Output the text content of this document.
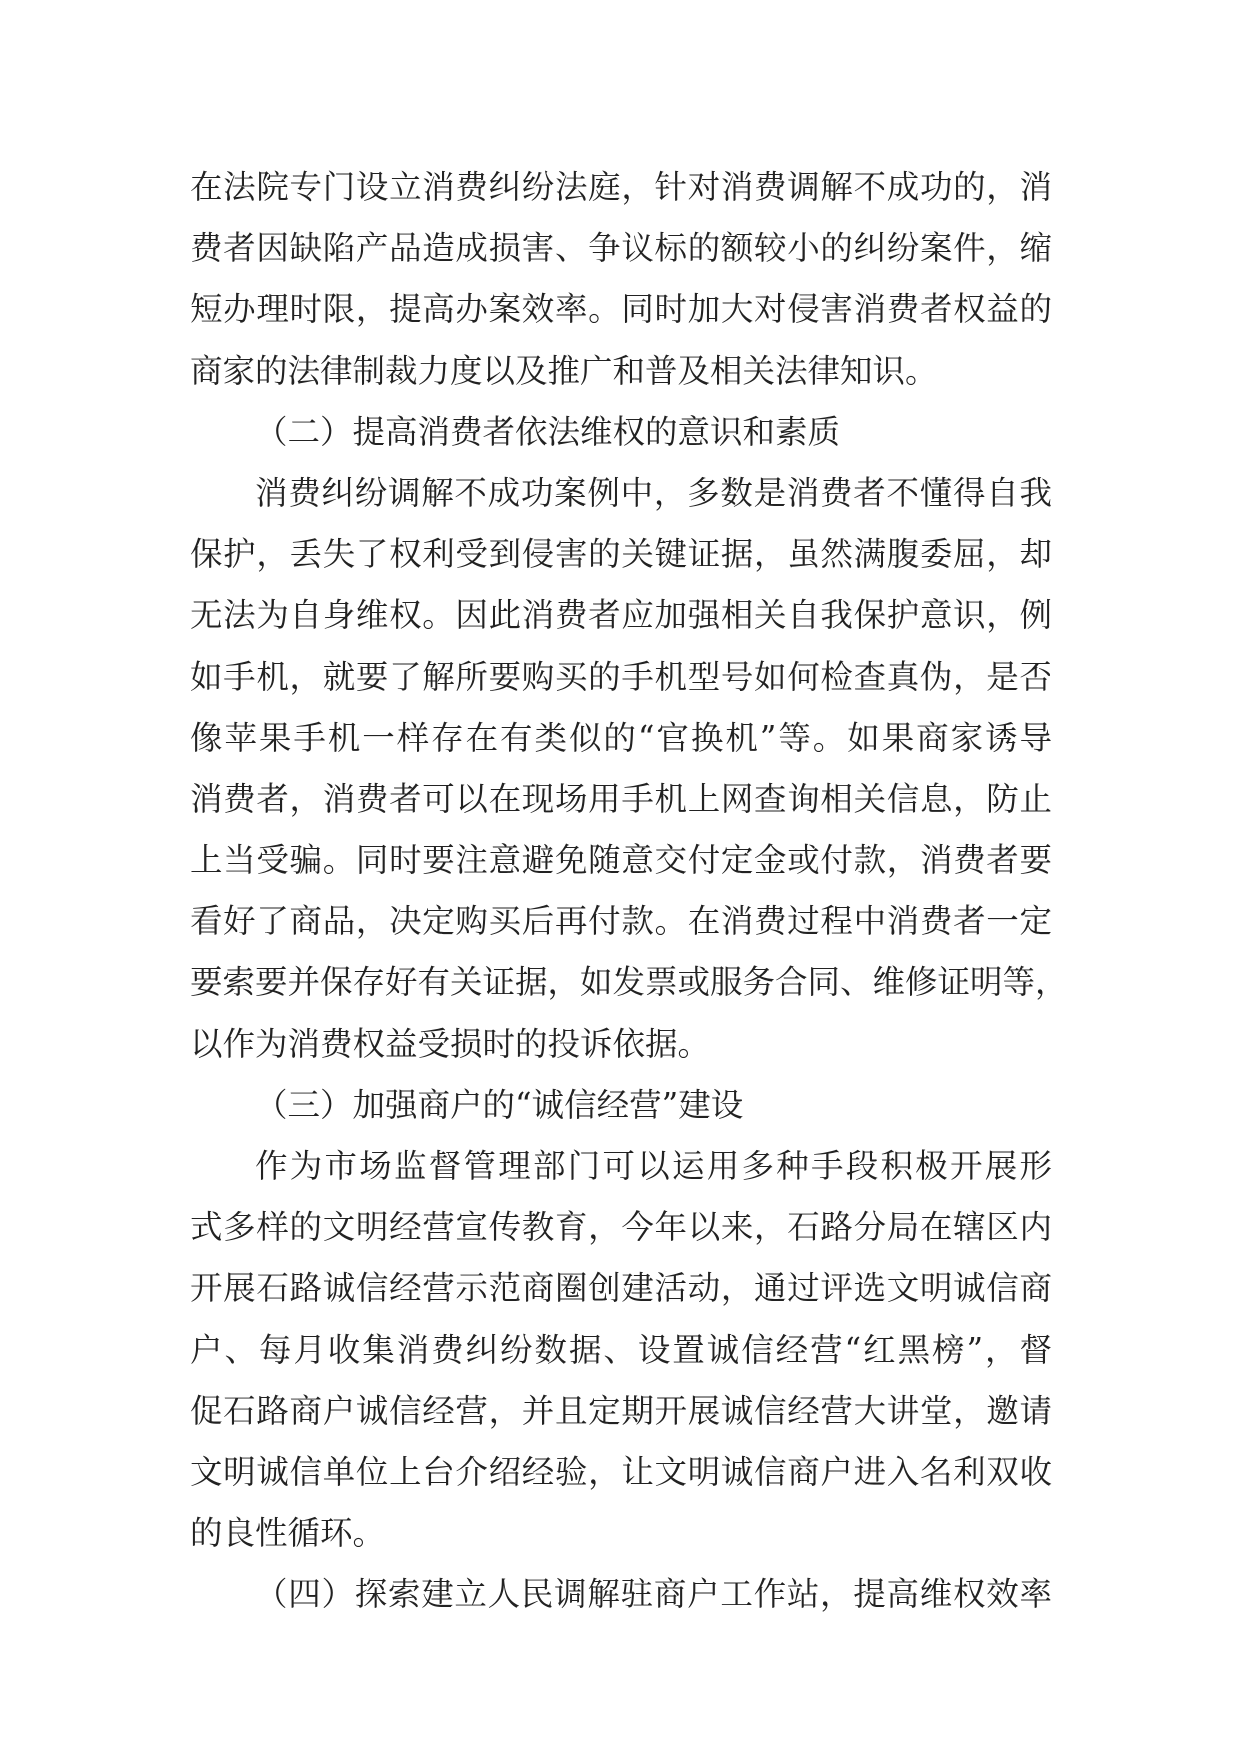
在法院专门设立消费纠纷法庭，针对消费调解不成功的，消
费者因缺陷产品造成损害、争议标的额较小的纠纷案件，缩
短办理时限，提高办案效率。同时加大对侵害消费者权益的
商家的法律制裁力度以及推广和普及相关法律知识。
（二）提高消费者依法维权的意识和素质
消费纠纷调解不成功案例中，多数是消费者不懂得自我
保护，丢失了权利受到侵害的关键证据，虽然满腹委屈，却
无法为自身维权。因此消费者应加强相关自我保护意识，例
如手机，就要了解所要购买的手机型号如何检查真伪，是否
像苹果手机一样存在有类似的“官换机”等。如果商家诱导
消费者，消费者可以在现场用手机上网查询相关信息，防止
上当受骗。同时要注意避免随意交付定金或付款，消费者要
看好了商品，决定购买后再付款。在消费过程中消费者一定
要索要并保存好有关证据，如发票或服务合同、维修证明等，
以作为消费权益受损时的投诉依据。
（三）加强商户的“诚信经营”建设
作为市场监督管理部门可以运用多种手段积极开展形
式多样的文明经营宣传教育，今年以来，石路分局在辖区内
开展石路诚信经营示范商圈创建活动，通过评选文明诚信商
户、每月收集消费纠纷数据、设置诚信经营“红黑榜”，督
促石路商户诚信经营，并且定期开展诚信经营大讲堂，邀请
文明诚信单位上台介绍经验，让文明诚信商户进入名利双收
的良性循环。
（四）探索建立人民调解驻商户工作站，提高维权效率
